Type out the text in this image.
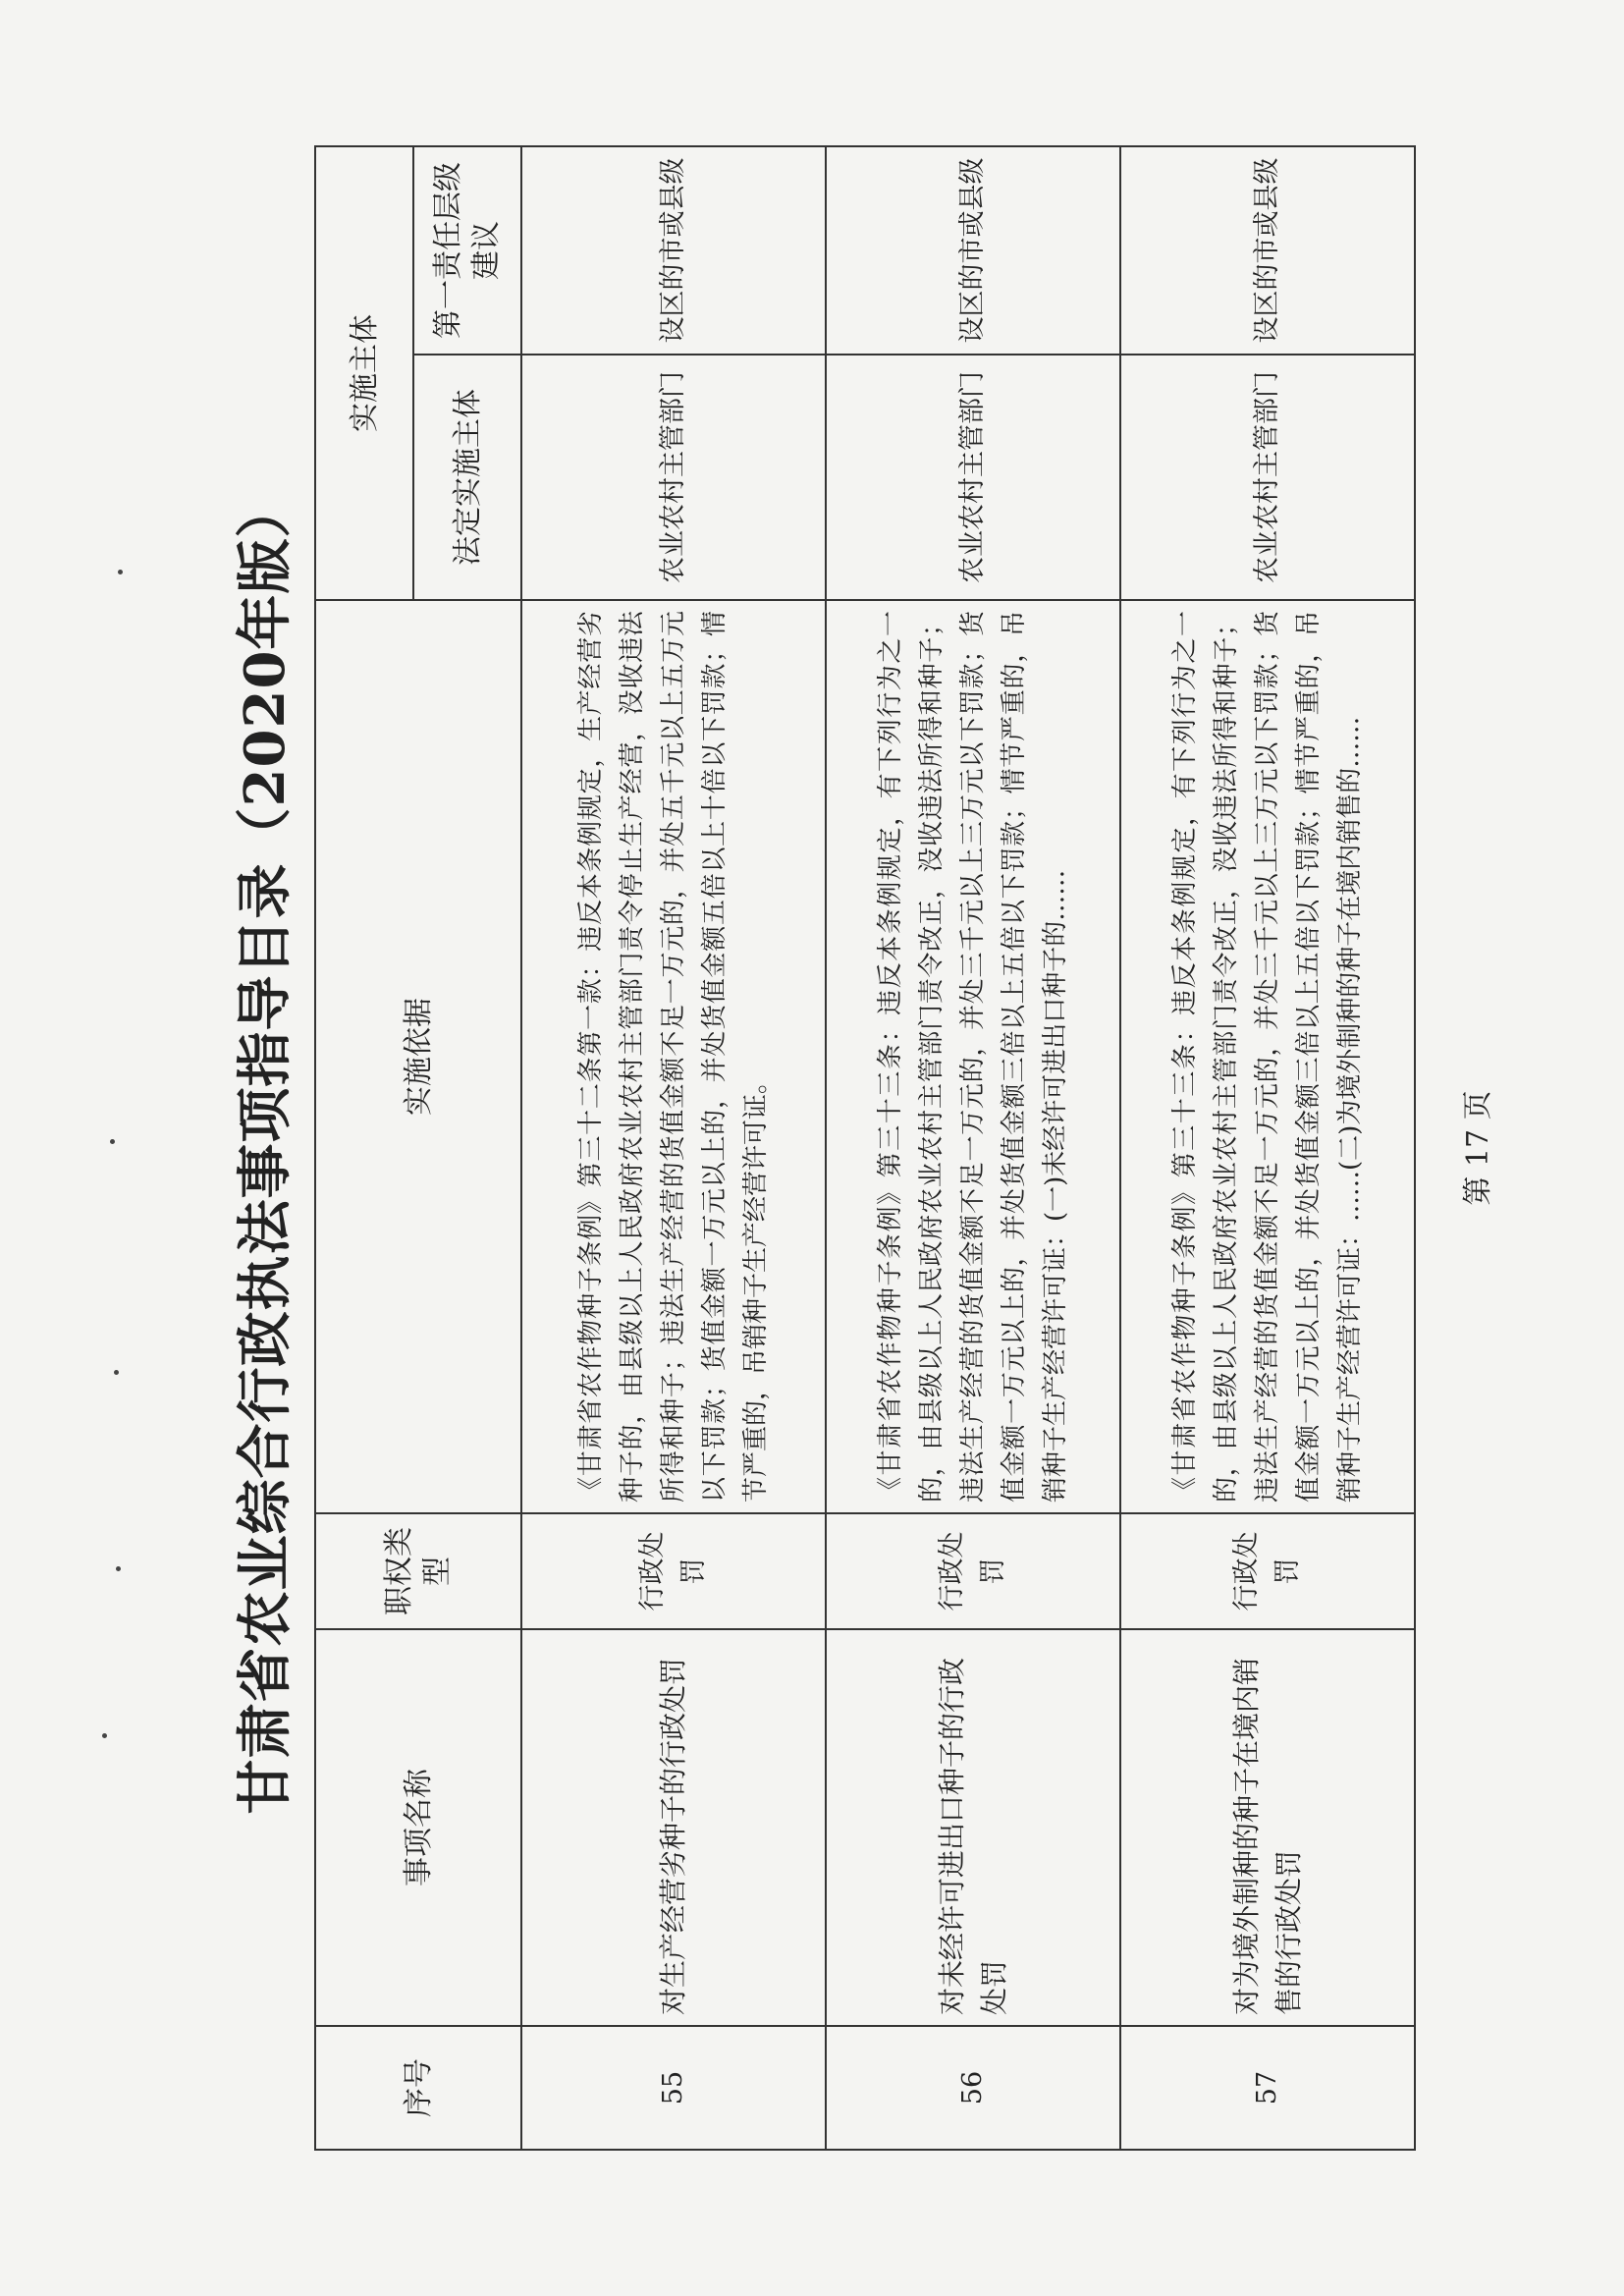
甘肃省农业综合行政执法事项指导目录（2020年版）
序号	事项名称	职权类型	实施依据	实施主体	
				法定实施主体	第一责任层级建议
55	对生产经营劣种子的行政处罚	行政处罚	《甘肃省农作物种子条例》第三十二条第一款：违反本条例规定，生产经营劣种子的，由县级以上人民政府农业农村主管部门责令停止生产经营，没收违法所得和种子；违法生产经营的货值金额不足一万元的，并处五千元以上五万元以下罚款；货值金额一万元以上的，并处货值金额五倍以上十倍以下罚款；情节严重的，吊销种子生产经营许可证。	农业农村主管部门	设区的市或县级
56	对未经许可进出口种子的行政处罚	行政处罚	《甘肃省农作物种子条例》第三十三条：违反本条例规定，有下列行为之一的，由县级以上人民政府农业农村主管部门责令改正，没收违法所得和种子；违法生产经营的货值金额不足一万元的，并处三千元以上三万元以下罚款；货值金额一万元以上的，并处货值金额三倍以上五倍以下罚款；情节严重的，吊销种子生产经营许可证：(一)未经许可进出口种子的……	农业农村主管部门	设区的市或县级
57	对为境外制种的种子在境内销售的行政处罚	行政处罚	《甘肃省农作物种子条例》第三十三条：违反本条例规定，有下列行为之一的，由县级以上人民政府农业农村主管部门责令改正，没收违法所得和种子；违法生产经营的货值金额不足一万元的，并处三千元以上三万元以下罚款；货值金额一万元以上的，并处货值金额三倍以上五倍以下罚款；情节严重的，吊销种子生产经营许可证：……(二)为境外制种的种子在境内销售的……	农业农村主管部门	设区的市或县级
第 17 页
